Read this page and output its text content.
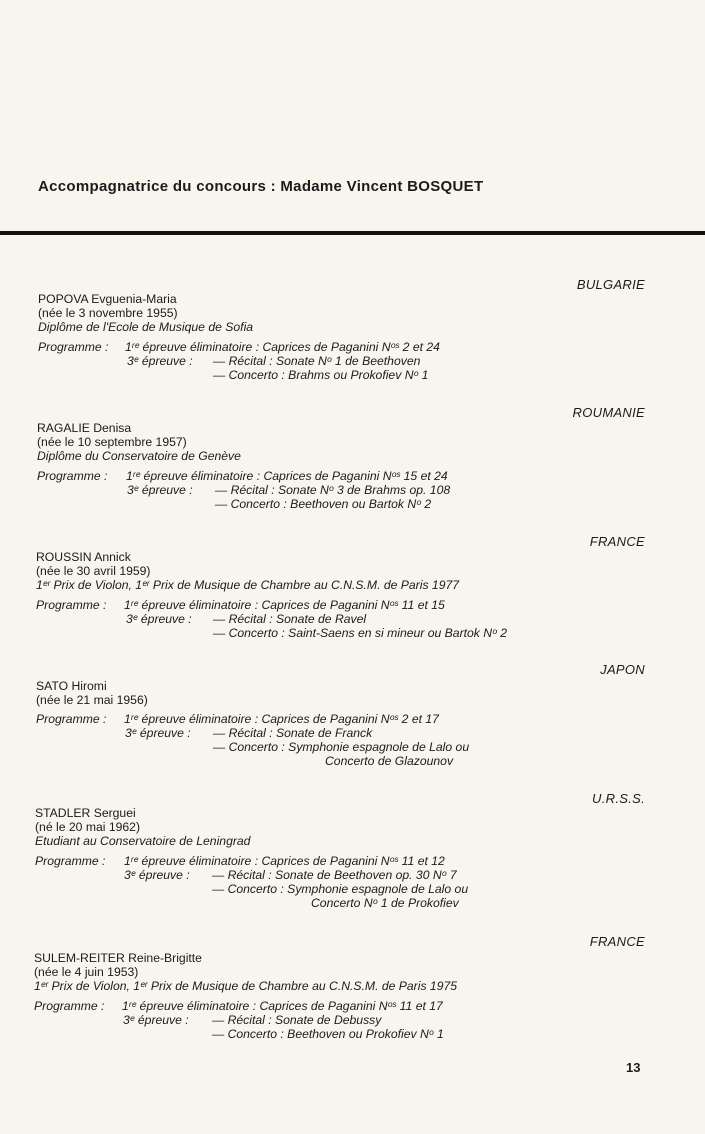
Accompagnatrice du concours : Madame Vincent BOSQUET
BULGARIE
POPOVA Evguenia-Maria
(née le 3 novembre 1955)
Diplôme de l'Ecole de Musique de Sofia
Programme : 1ʳᵉ épreuve éliminatoire : Caprices de Paganini Nᵒˢ 2 et 24
3ᵉ épreuve : — Récital : Sonate Nᵒ 1 de Beethoven
— Concerto : Brahms ou Prokofiev Nᵒ 1
ROUMANIE
RAGALIE Denisa
(née le 10 septembre 1957)
Diplôme du Conservatoire de Genève
Programme : 1ʳᵉ épreuve éliminatoire : Caprices de Paganini Nᵒˢ 15 et 24
3ᵉ épreuve : — Récital : Sonate Nᵒ 3 de Brahms op. 108
— Concerto : Beethoven ou Bartok Nᵒ 2
FRANCE
ROUSSIN Annick
(née le 30 avril 1959)
1ᵉʳ Prix de Violon, 1ᵉʳ Prix de Musique de Chambre au C.N.S.M. de Paris 1977
Programme : 1ʳᵉ épreuve éliminatoire : Caprices de Paganini Nᵒˢ 11 et 15
3ᵉ épreuve : — Récital : Sonate de Ravel
— Concerto : Saint-Saens en si mineur ou Bartok Nᵒ 2
JAPON
SATO Hiromi
(née le 21 mai 1956)
Programme : 1ʳᵉ épreuve éliminatoire : Caprices de Paganini Nᵒˢ 2 et 17
3ᵉ épreuve : — Récital : Sonate de Franck
— Concerto : Symphonie espagnole de Lalo ou
Concerto de Glazounov
U.R.S.S.
STADLER Serguei
(né le 20 mai 1962)
Etudiant au Conservatoire de Leningrad
Programme : 1ʳᵉ épreuve éliminatoire : Caprices de Paganini Nᵒˢ 11 et 12
3ᵉ épreuve : — Récital : Sonate de Beethoven op. 30 Nᵒ 7
— Concerto : Symphonie espagnole de Lalo ou
Concerto Nᵒ 1 de Prokofiev
FRANCE
SULEM-REITER Reine-Brigitte
(née le 4 juin 1953)
1ᵉʳ Prix de Violon, 1ᵉʳ Prix de Musique de Chambre au C.N.S.M. de Paris 1975
Programme : 1ʳᵉ épreuve éliminatoire : Caprices de Paganini Nᵒˢ 11 et 17
3ᵉ épreuve : — Récital : Sonate de Debussy
— Concerto : Beethoven ou Prokofiev Nᵒ 1
13
